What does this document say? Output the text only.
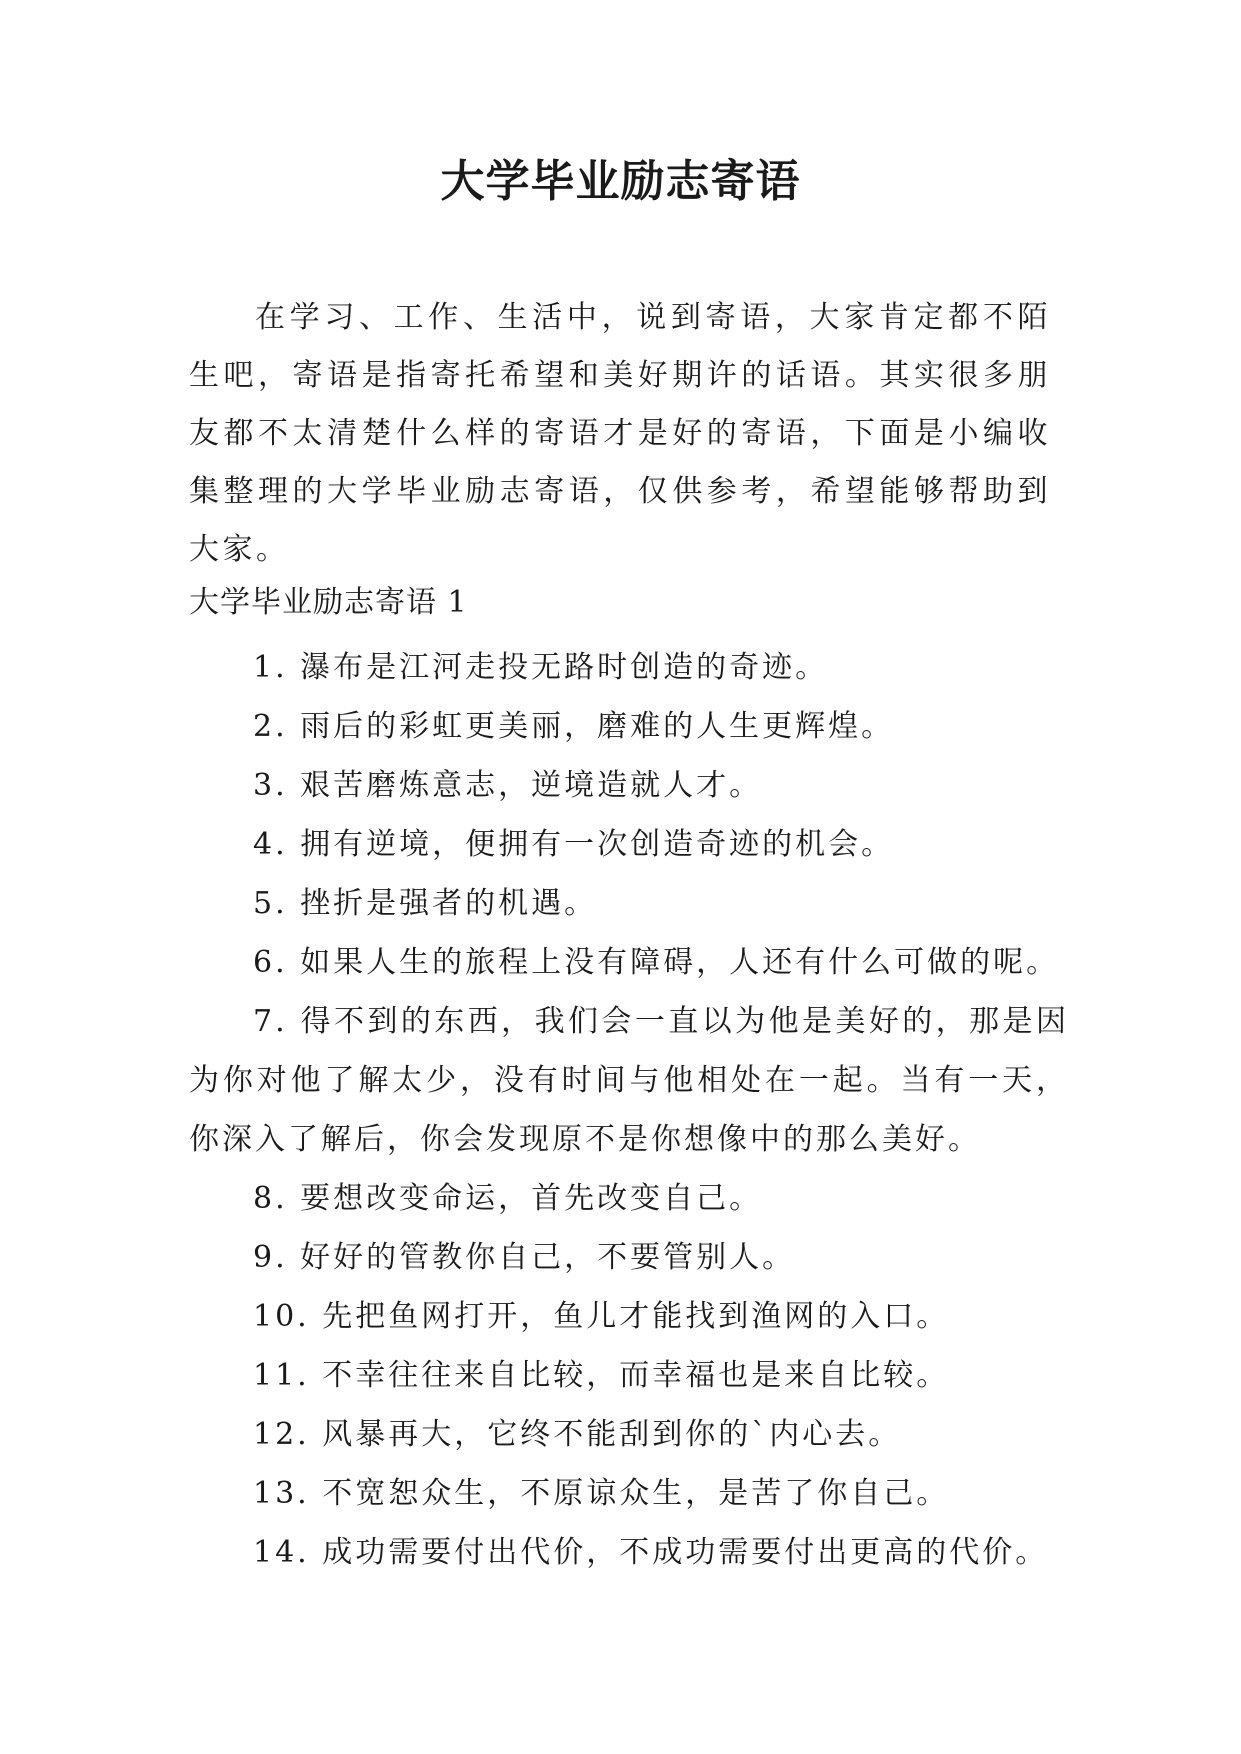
大学毕业励志寄语

在学习、工作、生活中，说到寄语，大家肯定都不陌生吧，寄语是指寄托希望和美好期许的话语。其实很多朋友都不太清楚什么样的寄语才是好的寄语，下面是小编收集整理的大学毕业励志寄语，仅供参考，希望能够帮助到大家。

大学毕业励志寄语 1
1. 瀑布是江河走投无路时创造的奇迹。
2. 雨后的彩虹更美丽，磨难的人生更辉煌。
3. 艰苦磨炼意志，逆境造就人才。
4. 拥有逆境，便拥有一次创造奇迹的机会。
5. 挫折是强者的机遇。
6. 如果人生的旅程上没有障碍，人还有什么可做的呢。
7. 得不到的东西，我们会一直以为他是美好的，那是因为你对他了解太少，没有时间与他相处在一起。当有一天，你深入了解后，你会发现原不是你想像中的那么美好。
8. 要想改变命运，首先改变自己。
9. 好好的管教你自己，不要管别人。
10. 先把鱼网打开，鱼儿才能找到渔网的入口。
11. 不幸往往来自比较，而幸福也是来自比较。
12. 风暴再大，它终不能刮到你的`内心去。
13. 不宽恕众生，不原谅众生，是苦了你自己。
14. 成功需要付出代价，不成功需要付出更高的代价。
